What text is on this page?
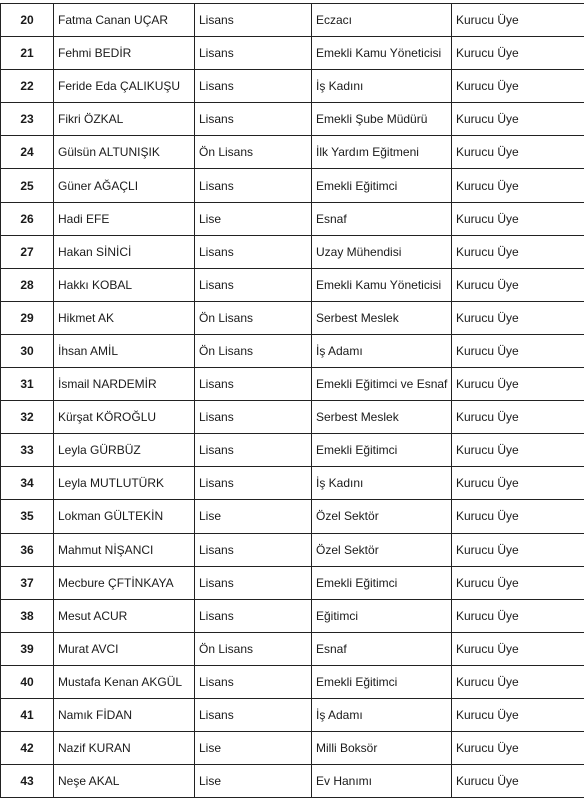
20	Fatma Canan UÇAR	Lisans	Eczacı	Kurucu Üye
21	Fehmi BEDİR	Lisans	Emekli Kamu Yöneticisi	Kurucu Üye
22	Feride Eda ÇALIKUŞU	Lisans	İş Kadını	Kurucu Üye
23	Fikri ÖZKAL	Lisans	Emekli Şube Müdürü	Kurucu Üye
24	Gülsün ALTUNIŞIK	Ön Lisans	İlk Yardım Eğitmeni	Kurucu Üye
25	Güner AĞAÇLI	Lisans	Emekli Eğitimci	Kurucu Üye
26	Hadi EFE	Lise	Esnaf	Kurucu Üye
27	Hakan SİNİCİ	Lisans	Uzay Mühendisi	Kurucu Üye
28	Hakkı KOBAL	Lisans	Emekli Kamu Yöneticisi	Kurucu Üye
29	Hikmet AK	Ön Lisans	Serbest Meslek	Kurucu Üye
30	İhsan AMİL	Ön Lisans	İş Adamı	Kurucu Üye
31	İsmail NARDEMİR	Lisans	Emekli Eğitimci ve Esnaf	Kurucu Üye
32	Kürşat KÖROĞLU	Lisans	Serbest Meslek	Kurucu Üye
33	Leyla GÜRBÜZ	Lisans	Emekli Eğitimci	Kurucu Üye
34	Leyla MUTLUTÜRK	Lisans	İş Kadını	Kurucu Üye
35	Lokman GÜLTEKİN	Lise	Özel Sektör	Kurucu Üye
36	Mahmut NİŞANCI	Lisans	Özel Sektör	Kurucu Üye
37	Mecbure ÇFTİNKAYA	Lisans	Emekli Eğitimci	Kurucu Üye
38	Mesut ACUR	Lisans	Eğitimci	Kurucu Üye
39	Murat AVCI	Ön Lisans	Esnaf	Kurucu Üye
40	Mustafa Kenan AKGÜL	Lisans	Emekli Eğitimci	Kurucu Üye
41	Namık FİDAN	Lisans	İş Adamı	Kurucu Üye
42	Nazif KURAN	Lise	Milli Boksör	Kurucu Üye
43	Neşe AKAL	Lise	Ev Hanımı	Kurucu Üye
